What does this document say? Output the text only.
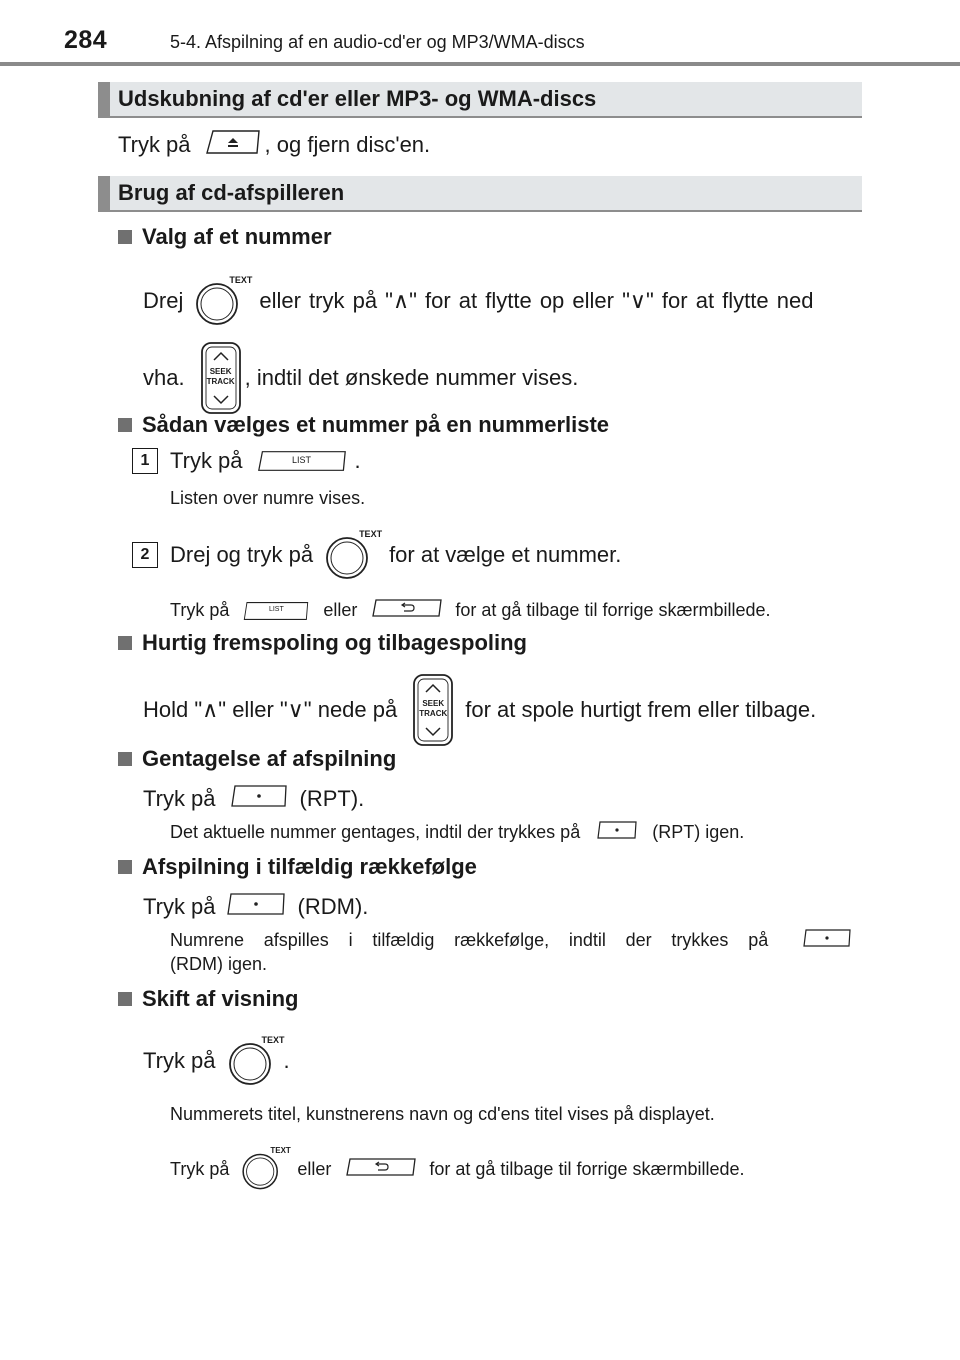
284	5-4. Afspilning af en audio-cd'er og MP3/WMA-discs
Udskubning af cd'er eller MP3- og WMA-discs
Tryk på	, og fjern disc'en.
Brug af cd-afspilleren
Valg af et nummer
Drej
TEXT
eller tryk på "∧" for at flytte op eller "∨" for at flytte ned
vha.	SEEK
TRACK , indtil det ønskede nummer vises.
Sådan vælges et nummer på en nummerliste
1 Tryk på	LIST	.
Listen over numre vises.
2 Drej og tryk på
TEXT
for at vælge et nummer.
Tryk på	LIST	eller	for at gå tilbage til forrige skærmbillede.
Hurtig fremspoling og tilbagespoling
Hold "∧" eller "∨" nede på	SEEK
TRACK for at spole hurtigt frem eller tilbage.
Gentagelse af afspilning
Tryk på	(RPT).
Det aktuelle nummer gentages, indtil der trykkes på	(RPT) igen.
Afspilning i tilfældig rækkefølge
Tryk på	(RDM).
Numrene afspilles i tilfældig rækkefølge, indtil der trykkes på
(RDM) igen.
Skift af visning
Tryk på
TEXT
.
Nummerets titel, kunstnerens navn og cd'ens titel vises på displayet.
Tryk på
TEXT
eller	for at gå tilbage til forrige skærmbillede.
